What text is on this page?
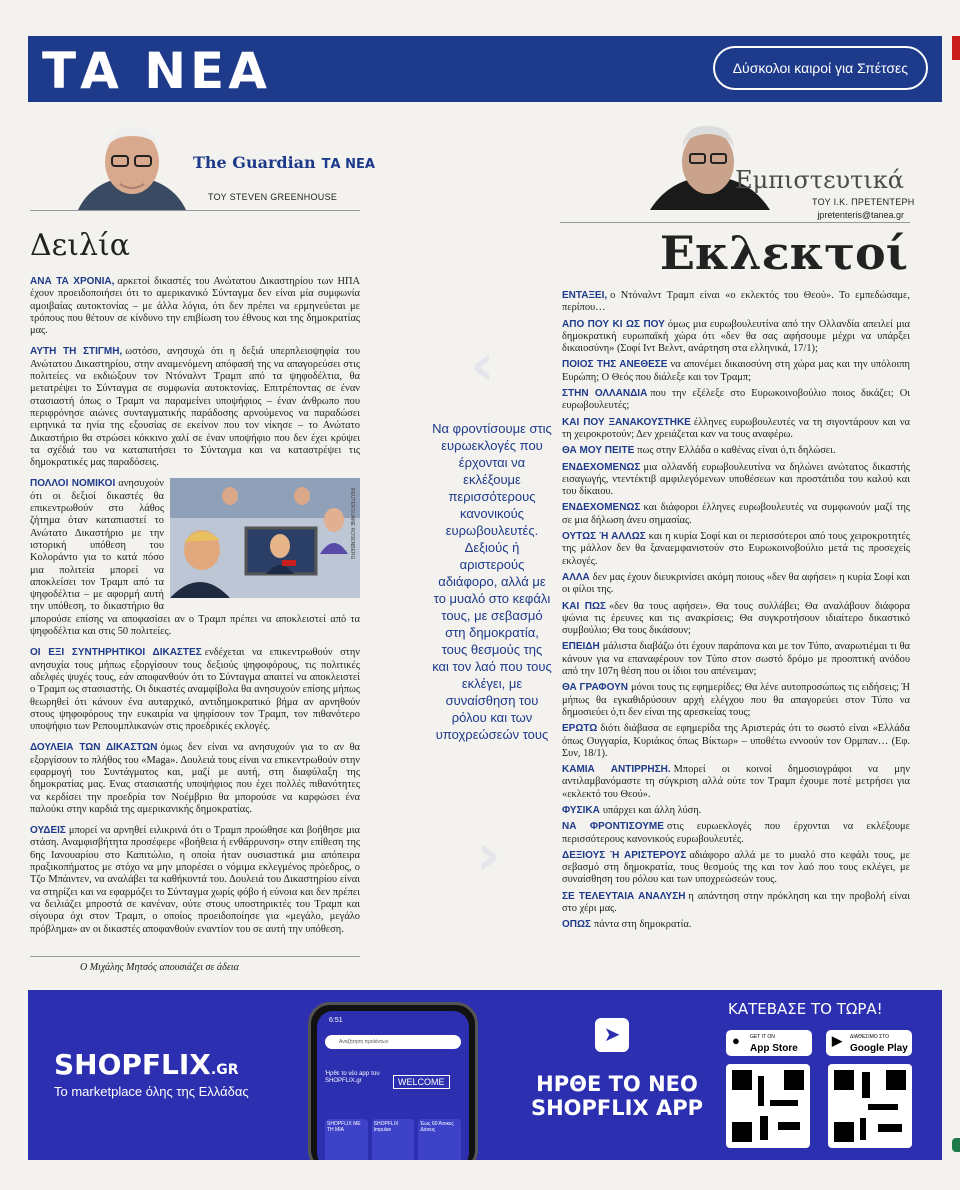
ΤΑ ΝΕΑ	Δύσκολοι καιροί για Σπέτσες
The Guardian ΤΑ ΝΕΑ
ΤΟΥ STEVEN GREENHOUSE
Εμπιστευτικά
ΤΟΥ Ι.Κ. ΠΡΕΤΕΝΤΕΡΗ
jpretenteris@tanea.gr
Δειλία	Εκλεκτοί

ΑΝΑ ΤΑ ΧΡΟΝΙΑ, αρκετοί δικαστές του Ανώτατου Δικαστηρίου των ΗΠΑ έχουν προειδοποιήσει ότι το αμερικανικό Σύνταγμα δεν είναι μία συμφωνία αμοιβαίας αυτοκτονίας – με άλλα λόγια, ότι δεν πρέπει να ερμηνεύεται με τρόπους που θέτουν σε κίνδυνο την επιβίωση του έθνους και της δημοκρατίας μας.

ΑΥΤΗ ΤΗ ΣΤΙΓΜΗ, ωστόσο, ανησυχώ ότι η δεξιά υπερπλειοψηφία του Ανώτατου Δικαστηρίου, στην αναμενόμενη απόφασή της να απαγορεύσει στις πολιτείες να εκδιώξουν τον Ντόναλντ Τραμπ από τα ψηφοδέλτια, θα μετατρέψει το Σύνταγμα σε συμφωνία αυτοκτονίας. Επιτρέποντας σε έναν στασιαστή όπως ο Τραμπ να παραμείνει υποψήφιος – έναν άνθρωπο που περιφρόνησε αιώνες συνταγματικής παράδοσης αρνούμενος να παραδώσει ειρηνικά τα ηνία της εξουσίας σε εκείνον που τον νίκησε – το Ανώτατο Δικαστήριο θα στρώσει κόκκινο χαλί σε έναν υποψήφιο που δεν έχει κρύψει τα σχέδιά του να καταπατήσει το Σύνταγμα και να καταστρέψει τις δημοκρατικές μας παραδόσεις.

REUTERS/JANE ROSENBERG

ΠΟΛΛΟΙ ΝΟΜΙΚΟΙ ανησυχούν ότι οι δεξιοί δικαστές θα επικεντρωθούν στο λάθος ζήτημα όταν καταπιαστεί το Ανώτατο Δικαστήριο με την ιστορική υπόθεση του Κολοράντο για το κατά πόσο μια πολιτεία μπορεί να αποκλείσει τον Τραμπ από τα ψηφοδέλτια – με αφορμή αυτή την υπόθεση, το δικαστήριο θα μπορούσε επίσης να αποφασίσει αν ο Τραμπ πρέπει να αποκλειστεί από τα ψηφοδέλτια και στις 50 πολιτείες.

ΟΙ ΕΞΙ ΣΥΝΤΗΡΗΤΙΚΟΙ ΔΙΚΑΣΤΕΣ ενδέχεται να επικεντρωθούν στην ανησυχία τους μήπως εξοργίσουν τους δεξιούς ψηφοφόρους, τις πολιτικές αδελφές ψυχές τους, εάν αποφανθούν ότι το Σύνταγμα απαιτεί να αποκλειστεί ο Τραμπ ως στασιαστής. Οι δικαστές αναμφίβολα θα ανησυχούν επίσης μήπως θεωρηθεί ότι κάνουν ένα αυταρχικό, αντιδημοκρατικό βήμα αν αρνηθούν στους ψηφοφόρους την ευκαιρία να ψηφίσουν τον Τραμπ, τον πιθανότερο υποψήφιο των Ρεπουμπλικανών στις προεδρικές εκλογές.

ΔΟΥΛΕΙΑ ΤΩΝ ΔΙΚΑΣΤΩΝ όμως δεν είναι να ανησυχούν για το αν θα εξοργίσουν το πλήθος του «Maga». Δουλειά τους είναι να επικεντρωθούν στην εφαρμογή του Συντάγματος και, μαζί με αυτή, στη διαφύλαξη της δημοκρατίας μας. Ενας στασιαστής υποψήφιος που έχει πολλές πιθανότητες να κερδίσει την προεδρία τον Νοέμβριο θα μπορούσε να καρφώσει ένα παλούκι στην καρδιά της αμερικανικής δημοκρατίας.

ΟΥΔΕΙΣ μπορεί να αρνηθεί ειλικρινά ότι ο Τραμπ προώθησε και βοήθησε μια στάση. Αναμφισβήτητα προσέφερε «βοήθεια ή ενθάρρυνση» στην επίθεση της 6ης Ιανουαρίου στο Καπιτώλιο, η οποία ήταν ουσιαστικά μια απόπειρα πραξικοπήματος με στόχο να μην μπορέσει ο νόμιμα εκλεγμένος πρόεδρος, ο Τζο Μπάιντεν, να αναλάβει τα καθήκοντά του. Δουλειά του Δικαστηρίου είναι να στηρίζει και να εφαρμόζει το Σύνταγμα χωρίς φόβο ή εύνοια και δεν πρέπει να δειλιάζει μπροστά σε κανέναν, ούτε στους υποστηρικτές του Τραμπ και σίγουρα όχι στον Τραμπ, ο οποίος προειδοποίησε για «μεγάλο, μεγάλο πρόβλημα» αν οι δικαστές αποφανθούν εναντίον του σε αυτή την υπόθεση.

Ο Μιχάλης Μητσός απουσιάζει σε άδεια
‹
›
Να φροντίσουμε στις ευρωεκλογές που έρχονται να εκλέξουμε περισσότερους κανονικούς ευρωβουλευτές. Δεξιούς ή αριστερούς αδιάφορο, αλλά με το μυαλό στο κεφάλι τους, με σεβασμό στη δημοκρατία, τους θεσμούς της και τον λαό που τους εκλέγει, με συναίσθηση του ρόλου και των υποχρεώσεών τους

ΕΝΤΑΞΕΙ, ο Ντόναλντ Τραμπ είναι «ο εκλεκτός του Θεού». Το εμπεδώσαμε, περίπου…

ΑΠΟ ΠΟΥ ΚΙ ΩΣ ΠΟΥ όμως μια ευρωβουλευτίνα από την Ολλανδία απειλεί μια δημοκρατική ευρωπαϊκή χώρα ότι «δεν θα σας αφήσουμε μέχρι να υπάρξει δικαιοσύνη» (Σοφί Ιντ Βελντ, ανάρτηση στα ελληνικά, 17/1);

ΠΟΙΟΣ ΤΗΣ ΑΝΕΘΕΣΕ να απονέμει δικαιοσύνη στη χώρα μας και την υπόλοιπη Ευρώπη; Ο Θεός που διάλεξε και τον Τραμπ;

ΣΤΗΝ ΟΛΛΑΝΔΙΑ που την εξέλεξε στο Ευρωκοινοβούλιο ποιος δικάζει; Οι ευρωβουλευτές;

ΚΑΙ ΠΟΥ ΞΑΝΑΚΟΥΣΤΗΚΕ έλληνες ευρωβουλευτές να τη σιγοντάρουν και να τη χειροκροτούν; Δεν χρειάζεται καν να τους αναφέρω.

ΘΑ ΜΟΥ ΠΕΙΤΕ πως στην Ελλάδα ο καθένας είναι ό,τι δηλώσει.

ΕΝΔΕΧΟΜΕΝΩΣ μια ολλανδή ευρωβουλευτίνα να δηλώνει ανώτατος δικαστής εισαγωγής, ντεντέκτιβ αμφιλεγόμενων υποθέσεων και προστάτιδα του καλού και του δίκαιου.

ΕΝΔΕΧΟΜΕΝΩΣ και διάφοροι έλληνες ευρωβουλευτές να συμφωνούν μαζί της σε μια δήλωση άνευ σημασίας.

ΟΥΤΩΣ Ή ΑΛΛΩΣ και η κυρία Σοφί και οι περισσότεροι από τους χειροκροτητές της μάλλον δεν θα ξαναεμφανιστούν στο Ευρωκοινοβούλιο μετά τις προσεχείς εκλογές.

ΑΛΛΑ δεν μας έχουν διευκρινίσει ακόμη ποιους «δεν θα αφήσει» η κυρία Σοφί και οι φίλοι της.

ΚΑΙ ΠΩΣ «δεν θα τους αφήσει». Θα τους συλλάβει; Θα αναλάβουν διάφορα ψώνια τις έρευνες και τις ανακρίσεις; Θα συγκροτήσουν ιδιαίτερο δικαστικό συμβούλιο; Θα τους δικάσουν;

ΕΠΕΙΔΗ μάλιστα διαβάζω ότι έχουν παράπονα και με τον Τύπο, αναρωτιέμαι τι θα κάνουν για να επαναφέρουν τον Τύπο στον σωστό δρόμο με προοπτική ανόδου από την 107η θέση που οι ίδιοι του απένειμαν;

ΘΑ ΓΡΑΦΟΥΝ μόνοι τους τις εφημερίδες; Θα λένε αυτοπροσώπως τις ειδήσεις; Ή μήπως θα εγκαθιδρύσουν αρχή ελέγχου που θα απαγορεύει στον Τύπο να δημοσιεύει ό,τι δεν είναι της αρεσκείας τους;

ΕΡΩΤΩ διότι διάβασα σε εφημερίδα της Αριστεράς ότι το σωστό είναι «Ελλάδα όπως Ουγγαρία, Κυριάκος όπως Βίκτωρ» – υποθέτω εννοούν τον Ορμπαν… (Εφ. Συν, 18/1).

ΚΑΜΙΑ ΑΝΤΙΡΡΗΣΗ. Μπορεί οι κοινοί δημοσιογράφοι να μην αντιλαμβανόμαστε τη σύγκριση αλλά ούτε τον Τραμπ έχουμε ποτέ μετρήσει για «εκλεκτό του Θεού».

ΦΥΣΙΚΑ υπάρχει και άλλη λύση.

ΝΑ ΦΡΟΝΤΙΣΟΥΜΕ στις ευρωεκλογές που έρχονται να εκλέξουμε περισσότερους κανονικούς ευρωβουλευτές.

ΔΕΞΙΟΥΣ Ή ΑΡΙΣΤΕΡΟΥΣ αδιάφορο αλλά με το μυαλό στο κεφάλι τους, με σεβασμό στη δημοκρατία, τους θεσμούς της και τον λαό που τους εκλέγει, με συναίσθηση του ρόλου και των υποχρεώσεών τους.

ΣΕ ΤΕΛΕΥΤΑΙΑ ΑΝΑΛΥΣΗ η απάντηση στην πρόκληση και την προβολή είναι στο χέρι μας.

ΟΠΩΣ πάντα στη δημοκρατία.

SHOPFLIX.GR
Το marketplace όλης της Ελλάδας
6:51
Αναζήτηση προϊόντων
Ήρθε το νέο app του SHOPFLIX.gr	WELCOME
SHOPFLIX ΜΕ ΤΗ ΜΙΑ
SHOPFLIX Impulse
Έως 60 Άτοκες Δόσεις
➤
ΗΡΘΕ ΤΟ ΝΕΟ SHOPFLIX APP
ΚΑΤΕΒΑΣΕ ΤΟ ΤΩΡΑ!
● GET IT ON
App Store
▶ ΔΙΑΘΕΣΙΜΟ ΣΤΟ
Google Play
